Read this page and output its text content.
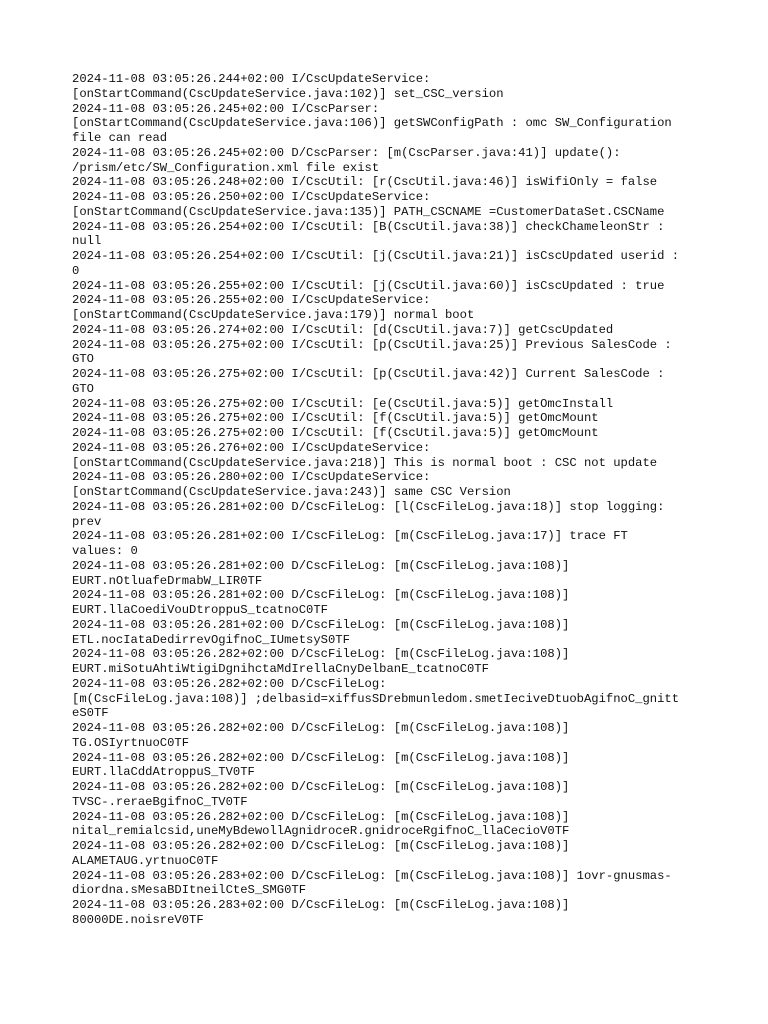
2024-11-08 03:05:26.244+02:00 I/CscUpdateService:
[onStartCommand(CscUpdateService.java:102)] set_CSC_version
2024-11-08 03:05:26.245+02:00 I/CscParser:
[onStartCommand(CscUpdateService.java:106)] getSWConfigPath : omc SW_Configuration
file can read
2024-11-08 03:05:26.245+02:00 D/CscParser: [m(CscParser.java:41)] update():
/prism/etc/SW_Configuration.xml file exist
2024-11-08 03:05:26.248+02:00 I/CscUtil: [r(CscUtil.java:46)] isWifiOnly = false
2024-11-08 03:05:26.250+02:00 I/CscUpdateService:
[onStartCommand(CscUpdateService.java:135)] PATH_CSCNAME =CustomerDataSet.CSCName
2024-11-08 03:05:26.254+02:00 I/CscUtil: [B(CscUtil.java:38)] checkChameleonStr :
null
2024-11-08 03:05:26.254+02:00 I/CscUtil: [j(CscUtil.java:21)] isCscUpdated userid :
0
2024-11-08 03:05:26.255+02:00 I/CscUtil: [j(CscUtil.java:60)] isCscUpdated : true
2024-11-08 03:05:26.255+02:00 I/CscUpdateService:
[onStartCommand(CscUpdateService.java:179)] normal boot
2024-11-08 03:05:26.274+02:00 I/CscUtil: [d(CscUtil.java:7)] getCscUpdated
2024-11-08 03:05:26.275+02:00 I/CscUtil: [p(CscUtil.java:25)] Previous SalesCode :
GTO
2024-11-08 03:05:26.275+02:00 I/CscUtil: [p(CscUtil.java:42)] Current SalesCode :
GTO
2024-11-08 03:05:26.275+02:00 I/CscUtil: [e(CscUtil.java:5)] getOmcInstall
2024-11-08 03:05:26.275+02:00 I/CscUtil: [f(CscUtil.java:5)] getOmcMount
2024-11-08 03:05:26.275+02:00 I/CscUtil: [f(CscUtil.java:5)] getOmcMount
2024-11-08 03:05:26.276+02:00 I/CscUpdateService:
[onStartCommand(CscUpdateService.java:218)] This is normal boot : CSC not update
2024-11-08 03:05:26.280+02:00 I/CscUpdateService:
[onStartCommand(CscUpdateService.java:243)] same CSC Version
2024-11-08 03:05:26.281+02:00 D/CscFileLog: [l(CscFileLog.java:18)] stop logging:
prev
2024-11-08 03:05:26.281+02:00 I/CscFileLog: [m(CscFileLog.java:17)] trace FT
values: 0
2024-11-08 03:05:26.281+02:00 D/CscFileLog: [m(CscFileLog.java:108)]
EURT.nOtluafeDrmabW_LIR0TF
2024-11-08 03:05:26.281+02:00 D/CscFileLog: [m(CscFileLog.java:108)]
EURT.llaCoediVouDtroppuS_tcatnoC0TF
2024-11-08 03:05:26.281+02:00 D/CscFileLog: [m(CscFileLog.java:108)]
ETL.nocIataDedirrevOgifnoC_IUmetsyS0TF
2024-11-08 03:05:26.282+02:00 D/CscFileLog: [m(CscFileLog.java:108)]
EURT.miSotuAhtiWtigiDgnihctaMdIrellaCnyDelbanE_tcatnoC0TF
2024-11-08 03:05:26.282+02:00 D/CscFileLog:
[m(CscFileLog.java:108)] ;delbasid=xiffusSDrebmunledom.smetIeciveDtuobAgifnoC_gnitt
eS0TF
2024-11-08 03:05:26.282+02:00 D/CscFileLog: [m(CscFileLog.java:108)]
TG.OSIyrtnuoC0TF
2024-11-08 03:05:26.282+02:00 D/CscFileLog: [m(CscFileLog.java:108)]
EURT.llaCddAtroppuS_TV0TF
2024-11-08 03:05:26.282+02:00 D/CscFileLog: [m(CscFileLog.java:108)]
TVSC-.reraeBgifnoC_TV0TF
2024-11-08 03:05:26.282+02:00 D/CscFileLog: [m(CscFileLog.java:108)]
nital_remialcsid,uneMyBdewollAgnidroceR.gnidroceRgifnoC_llaCecioV0TF
2024-11-08 03:05:26.282+02:00 D/CscFileLog: [m(CscFileLog.java:108)]
ALAMETAUG.yrtnuoC0TF
2024-11-08 03:05:26.283+02:00 D/CscFileLog: [m(CscFileLog.java:108)] 1ovr-gnusmas-
diordna.sMesaBDItneilCteS_SMG0TF
2024-11-08 03:05:26.283+02:00 D/CscFileLog: [m(CscFileLog.java:108)]
80000DE.noisreV0TF
